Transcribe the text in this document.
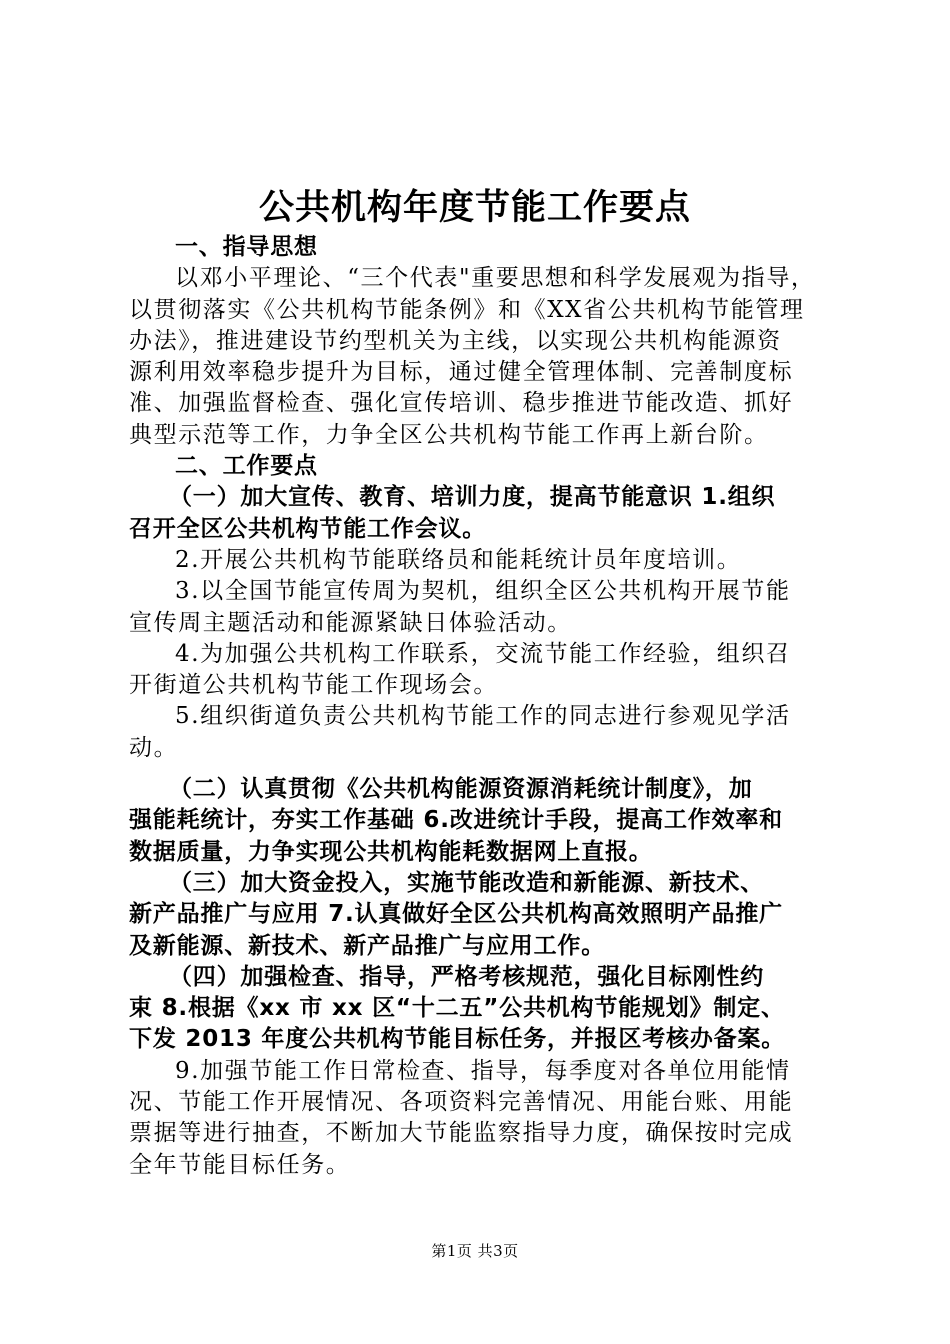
公共机构年度节能工作要点
一、指导思想
以邓小平理论、“三个代表"重要思想和科学发展观为指导，
以贯彻落实《公共机构节能条例》和《XX省公共机构节能管理
办法》，推进建设节约型机关为主线，以实现公共机构能源资
源利用效率稳步提升为目标，通过健全管理体制、完善制度标
准、加强监督检查、强化宣传培训、稳步推进节能改造、抓好
典型示范等工作，力争全区公共机构节能工作再上新台阶。
二、工作要点
（一）加大宣传、教育、培训力度，提高节能意识 1.组织
召开全区公共机构节能工作会议。
2.开展公共机构节能联络员和能耗统计员年度培训。
3.以全国节能宣传周为契机，组织全区公共机构开展节能
宣传周主题活动和能源紧缺日体验活动。
4.为加强公共机构工作联系，交流节能工作经验，组织召
开街道公共机构节能工作现场会。
5.组织街道负责公共机构节能工作的同志进行参观见学活
动。
（二）认真贯彻《公共机构能源资源消耗统计制度》，加
强能耗统计，夯实工作基础 6.改进统计手段，提高工作效率和
数据质量，力争实现公共机构能耗数据网上直报。
（三）加大资金投入，实施节能改造和新能源、新技术、
新产品推广与应用 7.认真做好全区公共机构高效照明产品推广
及新能源、新技术、新产品推广与应用工作。
（四）加强检查、指导，严格考核规范，强化目标刚性约
束 8.根据《xx 市 xx 区“十二五”公共机构节能规划》制定、
下发 2013 年度公共机构节能目标任务，并报区考核办备案。
9.加强节能工作日常检查、指导，每季度对各单位用能情
况、节能工作开展情况、各项资料完善情况、用能台账、用能
票据等进行抽查，不断加大节能监察指导力度，确保按时完成
全年节能目标任务。
第1页 共3页
